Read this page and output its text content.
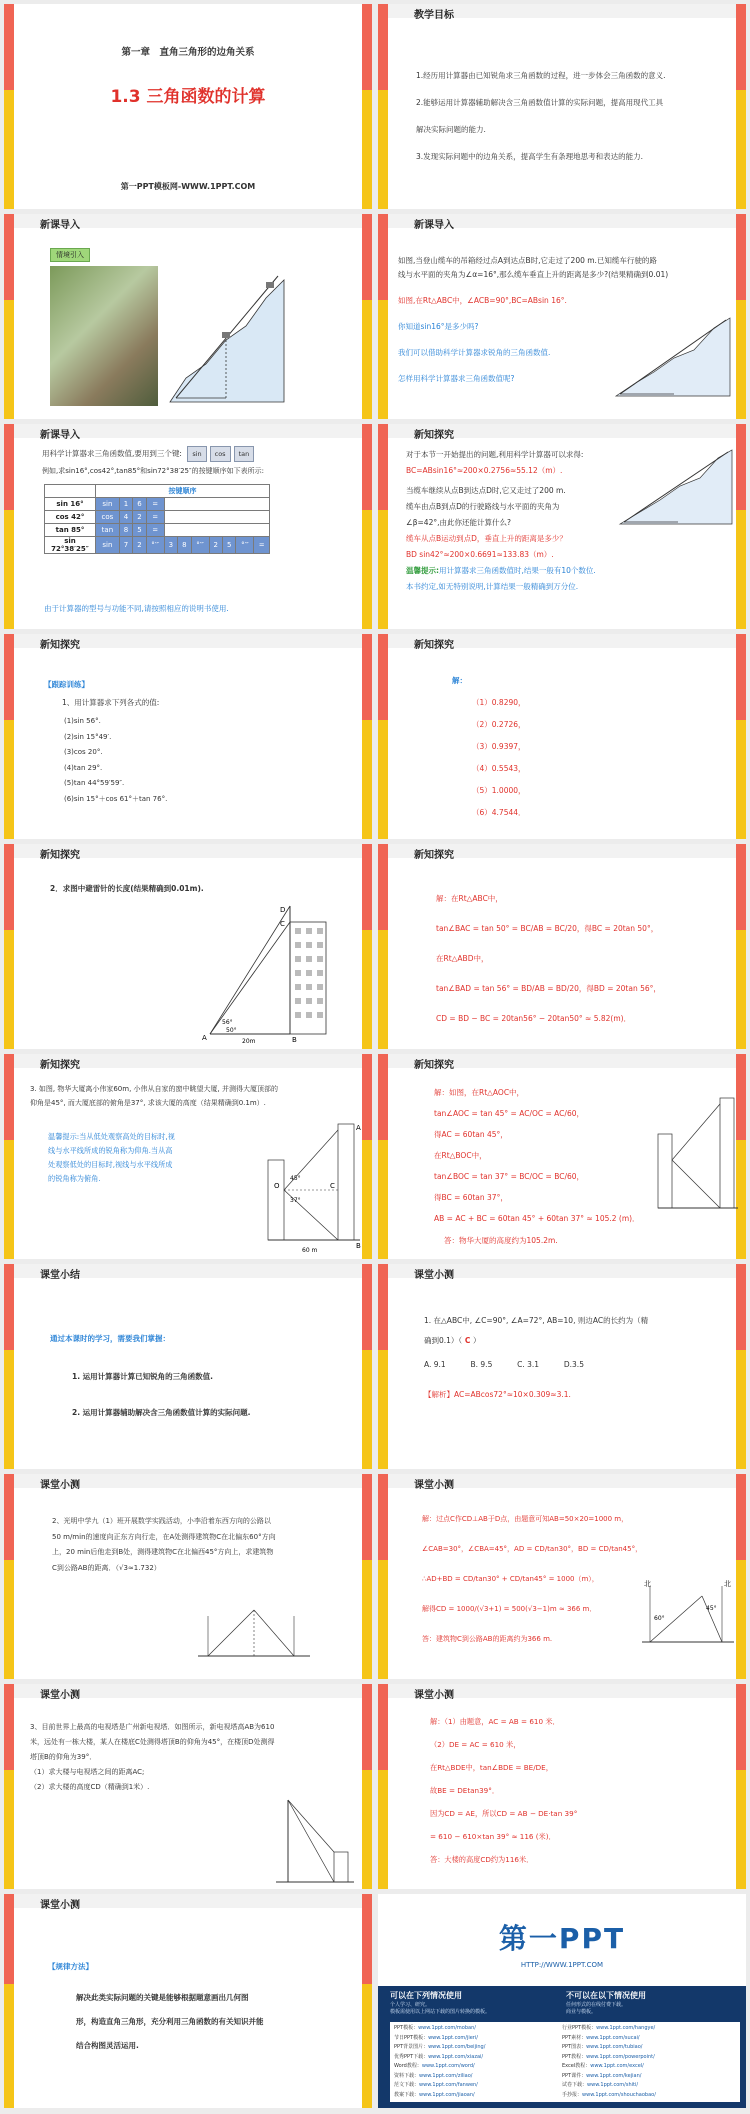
第一章　直角三角形的边角关系
1.3 三角函数的计算
第一PPT模板网-WWW.1PPT.COM
教学目标
1.经历用计算器由已知锐角求三角函数的过程，进一步体会三角函数的意义.
2.能够运用计算器辅助解决含三角函数值计算的实际问题，提高用现代工具
解决实际问题的能力.
3.发现实际问题中的边角关系，提高学生有条理地思考和表达的能力.
新课导入
情境引入
新课导入
如图,当登山缆车的吊箱经过点A到达点B时,它走过了200 m.已知缆车行驶的路
线与水平面的夹角为∠α=16°,那么缆车垂直上升的距离是多少?(结果精确到0.01)
如图,在Rt△ABC中，∠ACB=90°,BC=ABsin 16°.
你知道sin16°是多少吗?
我们可以借助科学计算器求锐角的三角函数值.
怎样用科学计算器求三角函数值呢?
新课导入
用科学计算器求三角函数值,要用到三个键: sin cos tan
例如,求sin16°,cos42°,tan85°和sin72°38′25″的按键顺序如下表所示:
	按键顺序										
sin 16°	sin	1	6	=							
cos 42°	cos	4	2	=							
tan 85°	tan	8	5	=							
sin 72°38′25″	sin	7	2	°′″	3	8	°′″	2	5	°′″	=
由于计算器的型号与功能不同,请按照相应的说明书使用.
新知探究
对于本节一开始提出的问题,利用科学计算器可以求得:
BC=ABsin16°≈200×0.2756≈55.12（m）.
当缆车继续从点B到达点D时,它又走过了200 m.
缆车由点B到点D的行驶路线与水平面的夹角为
∠β=42°,由此你还能计算什么?
缆车从点B运动到点D，垂直上升的距离是多少？
BD sin42°≈200×0.6691≈133.83（m）.
温馨提示:用计算器求三角函数值时,结果一般有10个数位.
本书约定,如无特别说明,计算结果一般精确到万分位.
新知探究
【跟踪训练】
1、用计算器求下列各式的值:
(1)sin 56°.
(2)sin 15°49′.
(3)cos 20°.
(4)tan 29°.
(5)tan 44°59′59″.
(6)sin 15°＋cos 61°＋tan 76°.
新知探究
解：
（1）0.8290，
（2）0.2726，
（3）0.9397，
（4）0.5543，
（5）1.0000，
（6）4.7544．
新知探究
2．求图中避雷针的长度(结果精确到0.01m).
A	B
C
D
56°
50°
20m
新知探究
解：在Rt△ABC中，
tan∠BAC = tan 50° = BC/AB = BC/20，得BC = 20tan 50°，
在Rt△ABD中，
tan∠BAD = tan 56° = BD/AB = BD/20，得BD = 20tan 56°，
CD = BD − BC = 20tan56° − 20tan50° ≈ 5.82(m)．
新知探究
3. 如图, 物华大厦离小伟家60m, 小伟从自家的窗中眺望大厦, 并测得大厦顶部的
仰角是45°, 而大厦底部的俯角是37°, 求该大厦的高度（结果精确到0.1m）.
温馨提示:当从低处观察高处的目标时,视
线与水平线所成的锐角称为仰角.当从高
处观察低处的目标时,视线与水平线所成
的锐角称为俯角.
A
B
C
O
45°
37°
60 m
新知探究
解：如图，在Rt△AOC中，
tan∠AOC = tan 45° = AC/OC = AC/60，
得AC = 60tan 45°，
在Rt△BOC中，
tan∠BOC = tan 37° = BC/OC = BC/60，
得BC = 60tan 37°，
AB = AC + BC = 60tan 45° + 60tan 37° ≈ 105.2 (m)．
答：物华大厦的高度约为105.2m.
课堂小结
通过本课时的学习，需要我们掌握：
1. 运用计算器计算已知锐角的三角函数值.
2. 运用计算器辅助解决含三角函数值计算的实际问题.
课堂小测
1. 在△ABC中, ∠C=90°, ∠A=72°, AB=10, 则边AC的长约为（精
确到0.1）（ C ）
A. 9.1	B. 9.5	C. 3.1	D.3.5
【解析】AC=ABcos72°≈10×0.309≈3.1.
课堂小测
2、光明中学九（1）班开展数学实践活动，小李沿着东西方向的公路以
50 m/min的速度向正东方向行走，在A处测得建筑物C在北偏东60°方向
上，20 min后他走到B处，测得建筑物C在北偏西45°方向上，求建筑物
C到公路AB的距离．（√3≈1.732）
课堂小测
解：过点C作CD⊥AB于D点，由题意可知AB=50×20=1000 m，
∠CAB=30°，∠CBA=45°，AD = CD/tan30°，BD = CD/tan45°，
∴AD+BD = CD/tan30° + CD/tan45° = 1000（m），
解得CD = 1000/(√3+1) = 500(√3−1)m ≈ 366 m．
答：建筑物C到公路AB的距离约为366 m.
北	北
60°
45°
课堂小测
3、目前世界上最高的电视塔是广州新电视塔．如图所示，新电视塔高AB为610
米，远处有一栋大楼，某人在楼底C处测得塔顶B的仰角为45°，在楼顶D处测得
塔顶B的仰角为39°．
（1）求大楼与电视塔之间的距离AC;
（2）求大楼的高度CD（精确到1米）.
课堂小测
解：（1）由题意，AC = AB = 610 米．
（2）DE = AC = 610 米，
在Rt△BDE中，tan∠BDE = BE/DE，
故BE = DEtan39°．
因为CD = AE，所以CD = AB − DE·tan 39°
= 610 − 610×tan 39° ≈ 116 (米)．
答：大楼的高度CD约为116米．
课堂小测
【规律方法】
解决此类实际问题的关键是能够根据题意画出几何图
形，构造直角三角形，充分利用三角函数的有关知识并能
结合构图灵活运用.
第一PPT
HTTP://WWW.1PPT.COM
可以在下列情况使用	不可以在以下情况使用
个人学习、研究。
模板需使用以上网站下载的图片转换的模板。
任何形式的在线付费下载。
商业与模板。
PPT模板：www.1ppt.com/moban/
节日PPT模板：www.1ppt.com/jieri/
PPT背景图片：www.1ppt.com/beijing/
优秀PPT下载：www.1ppt.com/xiazai/
Word教程：www.1ppt.com/word/
资料下载：www.1ppt.com/ziliao/
范文下载：www.1ppt.com/fanwen/
教案下载：www.1ppt.com/jiaoan/
行业PPT模板：www.1ppt.com/hangye/
PPT素材：www.1ppt.com/sucai/
PPT图表：www.1ppt.com/tubiao/
PPT教程：www.1ppt.com/powerpoint/
Excel教程：www.1ppt.com/excel/
PPT课件：www.1ppt.com/kejian/
试卷下载：www.1ppt.com/shiti/
手抄报：www.1ppt.com/shouchaobao/
